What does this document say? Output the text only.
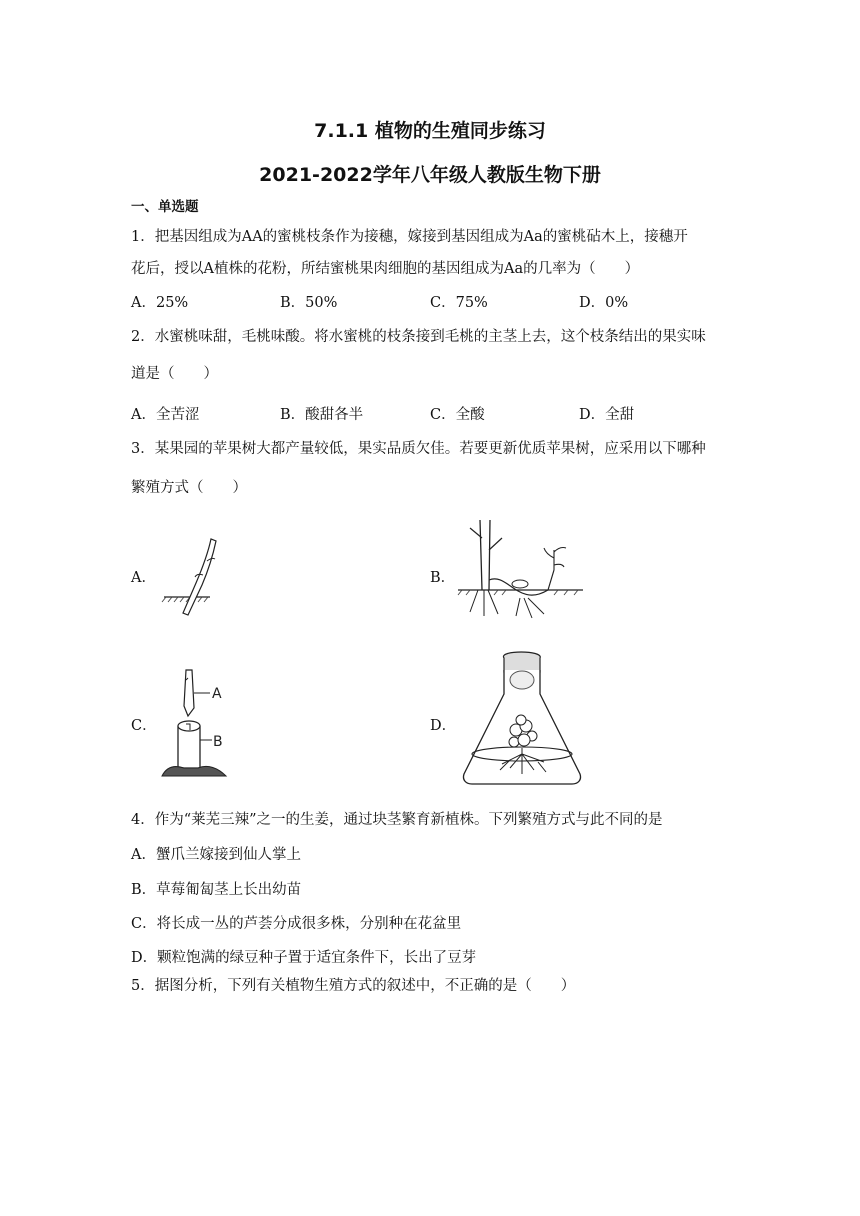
7.1.1 植物的生殖同步练习
2021-2022学年八年级人教版生物下册
一、单选题
1．把基因组成为AA的蜜桃枝条作为接穗，嫁接到基因组成为Aa的蜜桃砧木上，接穗开
花后，授以A植株的花粉，所结蜜桃果肉细胞的基因组成为Aa的几率为（　　）
A．25%	B．50%	C．75%	D．0%
2．水蜜桃味甜，毛桃味酸。将水蜜桃的枝条接到毛桃的主茎上去，这个枝条结出的果实味
道是（　　）
A．全苦涩	B．酸甜各半	C．全酸	D．全甜
3．某果园的苹果树大都产量较低，果实品质欠佳。若要更新优质苹果树，应采用以下哪种
繁殖方式（　　）
A．	B．
C．
A
B
D．
4．作为“莱芜三辣”之一的生姜，通过块茎繁育新植株。下列繁殖方式与此不同的是
A．蟹爪兰嫁接到仙人掌上
B．草莓匍匐茎上长出幼苗
C．将长成一丛的芦荟分成很多株，分别种在花盆里
D．颗粒饱满的绿豆种子置于适宜条件下，长出了豆芽
5．据图分析，下列有关植物生殖方式的叙述中，不正确的是（　　）
